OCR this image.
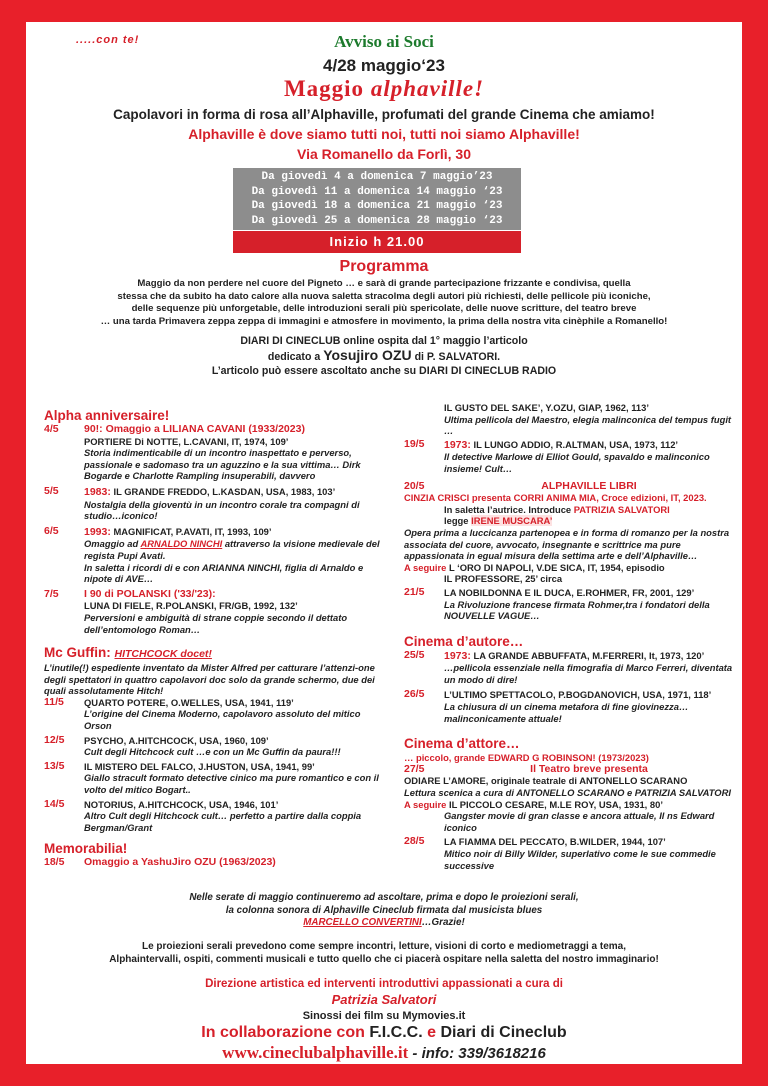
.....con te!	Avviso ai Soci
4/28 maggio‘23
Maggio alphaville!
Capolavori in forma di rosa all’Alphaville, profumati del grande Cinema che amiamo!
Alphaville è dove siamo tutti noi, tutti noi siamo Alphaville!
Via Romanello da Forlì, 30
Da giovedì 4 a domenica 7 maggio’23
Da giovedì 11 a domenica 14 maggio ‘23
Da giovedì 18 a domenica 21 maggio ‘23
Da giovedì 25 a domenica 28 maggio ‘23
Inizio h 21.00
Programma
Maggio da non perdere nel cuore del Pigneto … e sarà di grande partecipazione frizzante e condivisa, quella
stessa che da subito ha dato calore alla nuova saletta stracolma degli autori più richiesti, delle pellicole più iconiche,
delle sequenze più unforgetable, delle introduzioni serali più spericolate, delle nuove scritture, del teatro breve
… una tarda Primavera zeppa zeppa di immagini e atmosfere in movimento, la prima della nostra vita cinèphile a Romanello!
DIARI DI CINECLUB online ospita dal 1° maggio l’articolo
dedicato a Yosujiro OZU di P. SALVATORI.
L’articolo può essere ascoltato anche su DIARI DI CINECLUB RADIO
Alpha anniversaire!
4/5	90!: Omaggio a LILIANA CAVANI (1933/2023)
PORTIERE Di NOTTE, L.CAVANI, IT, 1974, 109’
Storia indimenticabile di un incontro inaspettato e perverso, passionale e sadomaso tra un aguzzino e la sua vittima… Dirk Bogarde e Charlotte Rampling insuperabili, davvero
5/5	1983: IL GRANDE FREDDO, L.KASDAN, USA, 1983, 103’
Nostalgia della gioventù in un incontro corale tra compagni di studio…iconico!
6/5	1993: MAGNIFICAT, P.AVATI, IT, 1993, 109’
Omaggio ad ARNALDO NINCHI attraverso la visione medievale del regista Pupi Avati.
In saletta i ricordi di e con ARIANNA NINCHI, figlia di Arnaldo e nipote di AVE…
7/5	I 90 di POLANSKI ('33/'23):
LUNA DI FIELE, R.POLANSKI, FR/GB, 1992, 132’
Perversioni e ambiguità di strane coppie secondo il dettato dell’entomologo Roman…
Mc Guffin: HITCHCOCK docet!
L’inutile(!) espediente inventato da Mister Alfred per catturare l’attenzi-one degli spettatori in quattro capolavori doc solo da grande schermo, due dei quali assolutamente Hitch!
11/5	QUARTO POTERE, O.WELLES, USA, 1941, 119’
L’origine del Cinema Moderno, capolavoro assoluto del mitico Orson
12/5	PSYCHO, A.HITCHCOCK, USA, 1960, 109’
Cult degli Hitchcock cult …e con un Mc Guffin da paura!!!
13/5	IL MISTERO DEL FALCO, J.HUSTON, USA, 1941, 99’
Giallo stracult formato detective cinico ma pure romantico e con il volto del mitico Bogart..
14/5	NOTORIUS, A.HITCHCOCK, USA, 1946, 101’
Altro Cult degli Hitchcock cult… perfetto a partire dalla coppia Bergman/Grant
Memorabilia!
18/5	Omaggio a YashuJiro OZU (1963/2023)
IL GUSTO DEL SAKE’, Y.OZU, GIAP, 1962, 113’
Ultima pellicola del Maestro, elegia malinconica del tempus fugit …
19/5	1973: IL LUNGO ADDIO, R.ALTMAN, USA, 1973, 112’
Il detective Marlowe di Elliot Gould, spavaldo e malinconico insieme! Cult…
20/5	ALPHAVILLE LIBRI
CINZIA CRISCI presenta CORRI ANIMA MIA, Croce edizioni, IT, 2023.
In saletta l’autrice. Introduce PATRIZIA SALVATORI
legge IRENE MUSCARA’
Opera prima a luccicanza partenopea e in forma di romanzo per la nostra associata del cuore, avvocato, insegnante e scrittrice ma pure appassionata in egual misura della settima arte e dell’Alphaville…
A seguire L ‘ORO DI NAPOLI, V.DE SICA, IT, 1954, episodio
IL PROFESSORE, 25’ circa
21/5	LA NOBILDONNA E IL DUCA, E.ROHMER, FR, 2001, 129’
La Rivoluzione francese firmata Rohmer,tra i fondatori della NOUVELLE VAGUE…
Cinema d’autore…
25/5	1973: LA GRANDE ABBUFFATA, M.FERRERI, It, 1973, 120’
…pellicola essenziale nella fimografia di Marco Ferreri, diventata un modo di dire!
26/5	L’ULTIMO SPETTACOLO, P.BOGDANOVICH, USA, 1971, 118’
La chiusura di un cinema metafora di fine giovinezza… malinconicamente attuale!
Cinema d’attore…
… piccolo, grande EDWARD G ROBINSON! (1973/2023)
27/5	Il Teatro breve presenta
ODIARE L’AMORE, originale teatrale di ANTONELLO SCARANO
Lettura scenica a cura di ANTONELLO SCARANO e PATRIZIA SALVATORI
A seguire IL PICCOLO CESARE, M.LE ROY, USA, 1931, 80’
Gangster movie di gran classe e ancora attuale, Il ns Edward iconico
28/5	LA FIAMMA DEL PECCATO, B.WILDER, 1944, 107’
Mitico noir di Billy Wilder, superlativo come le sue commedie successive
Nelle serate di maggio continueremo ad ascoltare, prima e dopo le proiezioni serali,
la colonna sonora di Alphaville Cineclub firmata dal musicista blues
MARCELLO CONVERTINI…Grazie!
Le proiezioni serali prevedono come sempre incontri, letture, visioni di corto e mediometraggi a tema,
Alphaintervalli, ospiti, commenti musicali e tutto quello che ci piacerà ospitare nella saletta del nostro immaginario!
Direzione artistica ed interventi introduttivi appassionati a cura di
Patrizia Salvatori
Sinossi dei film su Mymovies.it
In collaborazione con F.I.C.C. e Diari di Cineclub
www.cineclubalphaville.it - info: 339/3618216
